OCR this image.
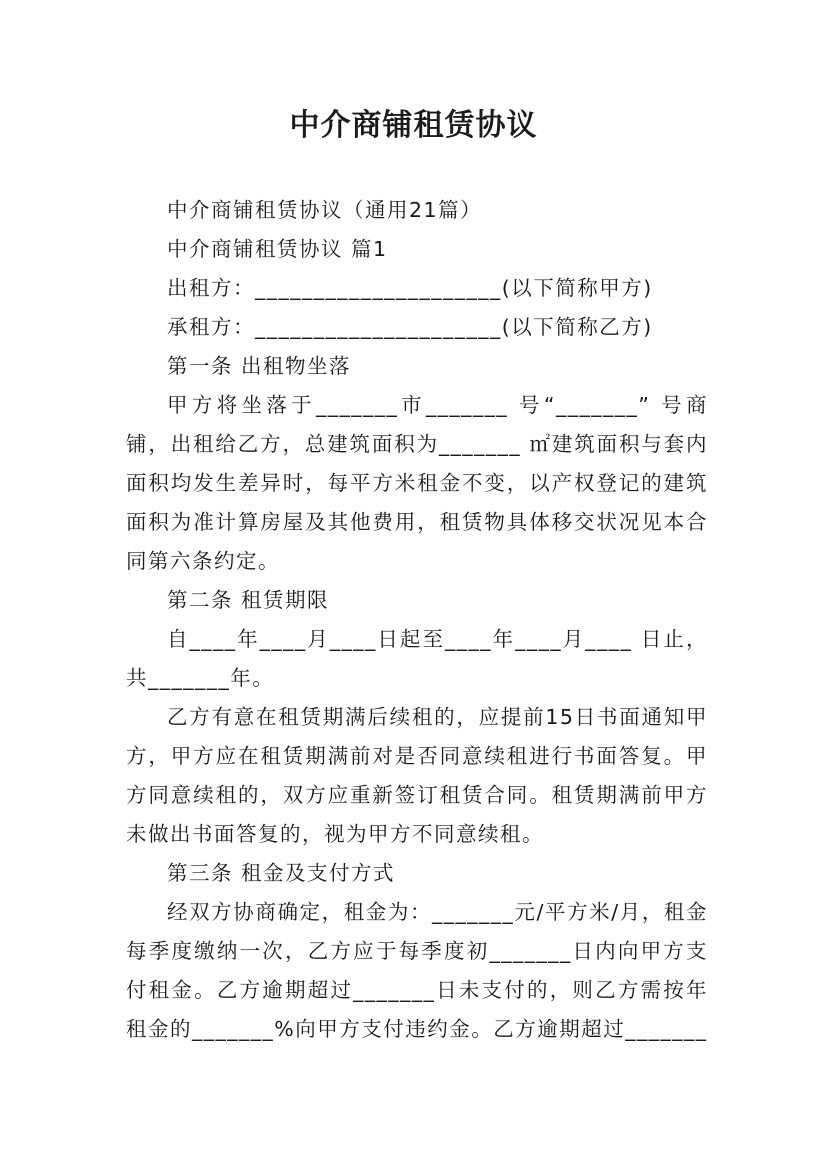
中介商铺租赁协议

中介商铺租赁协议（通用21篇）

中介商铺租赁协议 篇1

出租方：_____________________(以下简称甲方)

承租方：_____________________(以下简称乙方)

第一条 出租物坐落

甲方将坐落于_______市_______ 号“_______” 号商铺，出租给乙方，总建筑面积为_______ ㎡建筑面积与套内面积均发生差异时，每平方米租金不变，以产权登记的建筑面积为准计算房屋及其他费用，租赁物具体移交状况见本合同第六条约定。

第二条 租赁期限

自____年____月____日起至____年____月____ 日止，共_______年。

乙方有意在租赁期满后续租的，应提前15日书面通知甲方，甲方应在租赁期满前对是否同意续租进行书面答复。甲方同意续租的，双方应重新签订租赁合同。租赁期满前甲方未做出书面答复的，视为甲方不同意续租。

第三条 租金及支付方式

经双方协商确定，租金为：_______元/平方米/月，租金每季度缴纳一次，乙方应于每季度初_______日内向甲方支付租金。乙方逾期超过_______日未支付的，则乙方需按年租金的_______%向甲方支付违约金。乙方逾期超过_______
